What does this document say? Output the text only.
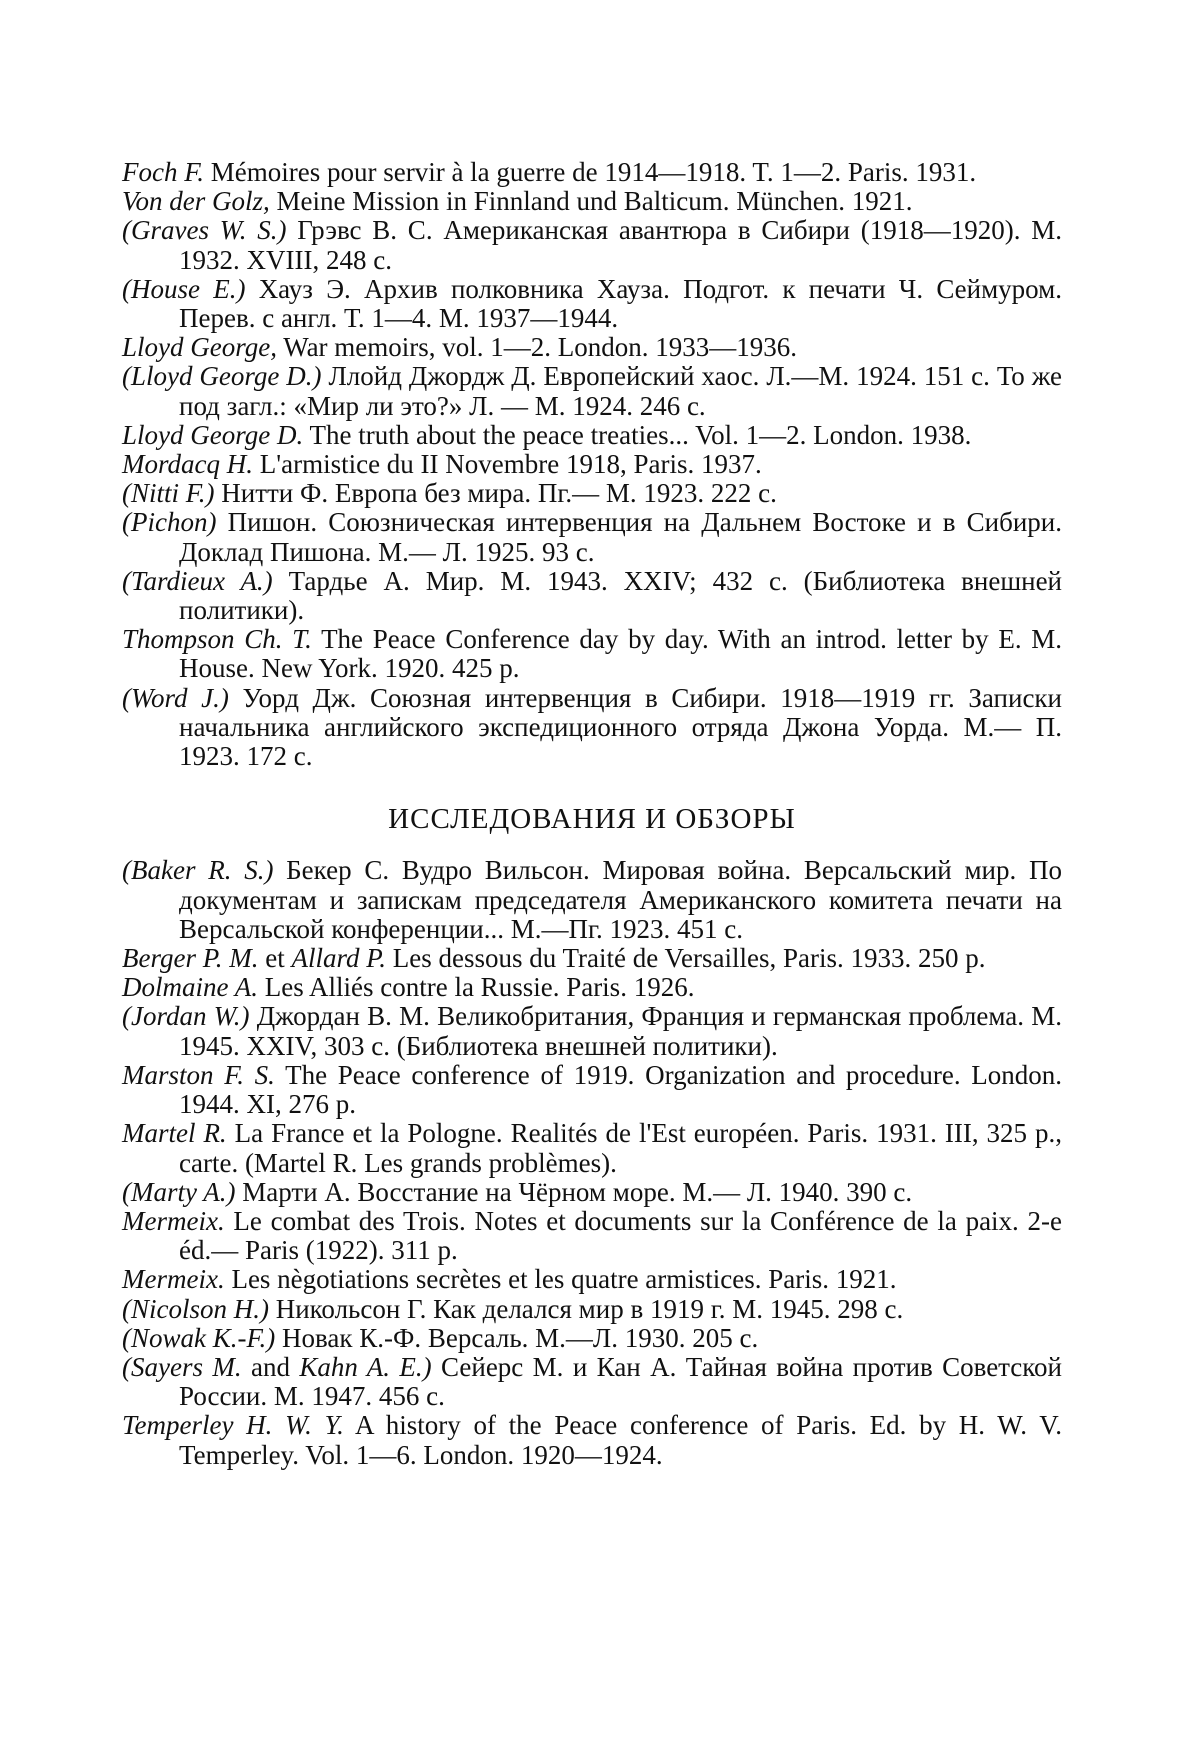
Foch F. Mémoires pour servir à la guerre de 1914—1918. T. 1—2. Paris. 1931.

Von der Golz, Meine Mission in Finnland und Balticum. München. 1921.

(Graves W. S.) Грэвс В. С. Американская авантюра в Сибири (1918—1920). М. 1932. XVIII, 248 с.

(House E.) Хауз Э. Архив полковника Хауза. Подгот. к печати Ч. Сеймуром. Перев. с англ. Т. 1—4. М. 1937—1944.

Lloyd George, War memoirs, vol. 1—2. London. 1933—1936.

(Lloyd George D.) Ллойд Джордж Д. Европейский хаос. Л.—М. 1924. 151 с. То же под загл.: «Мир ли это?» Л. — М. 1924. 246 с.

Lloyd George D. The truth about the peace treaties... Vol. 1—2. London. 1938.

Mordacq H. L'armistice du II Novembre 1918, Paris. 1937.

(Nitti F.) Нитти Ф. Европа без мира. Пг.— М. 1923. 222 с.

(Pichon) Пишон. Союзническая интервенция на Дальнем Востоке и в Сибири. Доклад Пишона. М.— Л. 1925. 93 с.

(Tardieux A.) Тардье А. Мир. М. 1943. XXIV; 432 с. (Библиотека внешней политики).

Thompson Ch. T. The Peace Conference day by day. With an introd. letter by E. M. House. New York. 1920. 425 p.

(Word J.) Уорд Дж. Союзная интервенция в Сибири. 1918—1919 гг. Записки начальника английского экспедиционного отряда Джона Уорда. М.— П. 1923. 172 с.

ИССЛЕДОВАНИЯ И ОБЗОРЫ

(Baker R. S.) Бекер С. Вудро Вильсон. Мировая война. Версальский мир. По документам и запискам председателя Американского комитета печати на Версальской конференции... М.—Пг. 1923. 451 с.

Berger P. M. et Allard P. Les dessous du Traité de Versailles, Paris. 1933. 250 p.

Dolmaine A. Les Alliés contre la Russie. Paris. 1926.

(Jordan W.) Джордан В. М. Великобритания, Франция и германская проблема. М. 1945. XXIV, 303 с. (Библиотека внешней политики).

Marston F. S. The Peace conference of 1919. Organization and procedure. London. 1944. XI, 276 p.

Martel R. La France et la Pologne. Realités de l'Est européen. Paris. 1931. III, 325 p., carte. (Martel R. Les grands problèmes).

(Marty A.) Марти А. Восстание на Чёрном море. М.— Л. 1940. 390 с.

Mermeix. Le combat des Trois. Notes et documents sur la Conférence de la paix. 2-e éd.— Paris (1922). 311 p.

Mermeix. Les nègotiations secrètes et les quatre armistices. Paris. 1921.

(Nicolson H.) Никольсон Г. Как делался мир в 1919 г. М. 1945. 298 с.

(Nowak K.-F.) Новак К.-Ф. Версаль. М.—Л. 1930. 205 с.

(Sayers M. and Kahn A. E.) Сейерс М. и Кан А. Тайная война против Советской России. М. 1947. 456 с.

Temperley H. W. Y. A history of the Peace conference of Paris. Ed. by H. W. V. Temperley. Vol. 1—6. London. 1920—1924.
